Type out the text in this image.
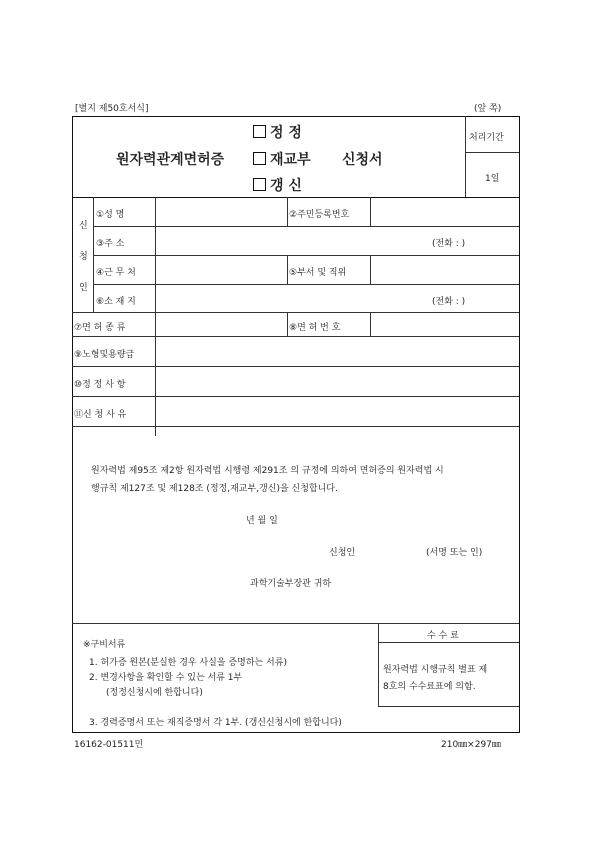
[별지 제50호서식]	(앞 쪽)
정 정
원자력관계면허증	재교부 신청서
갱 신
처리기간
1일
신
청
인
①성 명	②주민등록번호
③주 소	(전화 : )
④근 무 처	⑤부서 및 직위
⑥소 재 지	(전화 : )
⑦면 허 종 류	⑧면 허 번 호
⑨노형및용량급
⑩정 정 사 항
⑪신 청 사 유
원자력법 제95조 제2항 원자력법 시행령 제291조 의 규정에 의하여 면허증의 원자력법 시
행규칙 제127조 및 제128조 (정정,재교부,갱신)을 신청합니다.
년 월 일
신청인	(서명 또는 인)
과학기술부장관 귀하
※구비서류
1. 허가증 원본(분실한 경우 사실을 증명하는 서류)
2. 변경사항을 확인할 수 있는 서류 1부
(정정신청시에 한합니다)
3. 경력증명서 또는 재직증명서 각 1부. (갱신신청시에 한합니다)
수 수 료
원자력법 시행규칙 별표 제
8호의 수수료표에 의함.
16162-01511민	210㎜×297㎜
